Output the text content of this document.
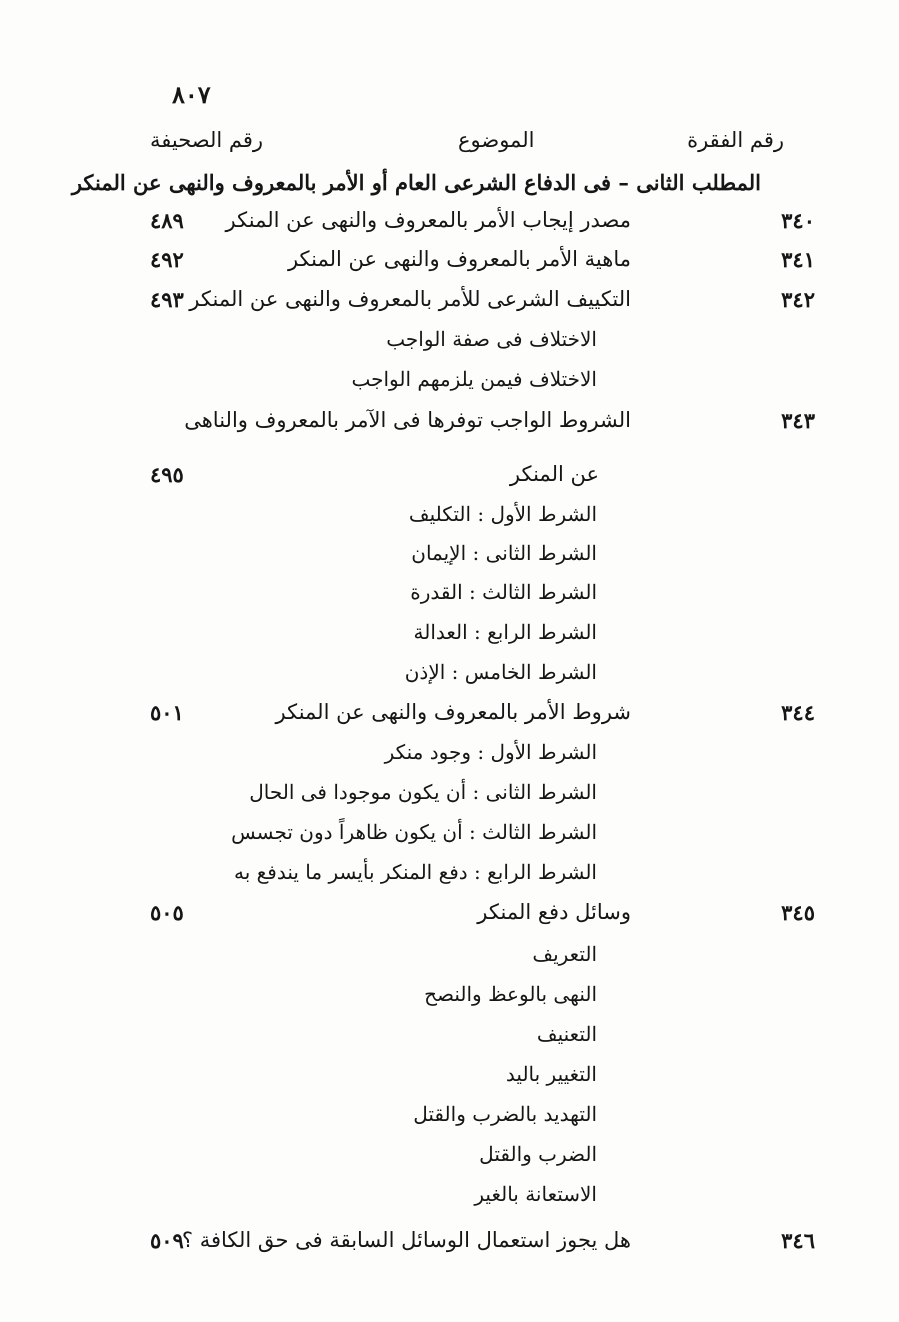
٨٠٧
رقم الفقرة
الموضوع
رقم الصحيفة
المطلب الثانى – فى الدفاع الشرعى العام أو الأمر بالمعروف والنهى عن المنكر
٣٤٠
مصدر إيجاب الأمر بالمعروف والنهى عن المنكر
٤٨٩
٣٤١
ماهية الأمر بالمعروف والنهى عن المنكر
٤٩٢
٣٤٢
التكييف الشرعى للأمر بالمعروف والنهى عن المنكر
٤٩٣
الاختلاف فى صفة الواجب
الاختلاف فيمن يلزمهم الواجب
٣٤٣
الشروط الواجب توفرها فى الآمر بالمعروف والناهى
عن المنكر
٤٩٥
الشرط الأول : التكليف
الشرط الثانى : الإيمان
الشرط الثالث : القدرة
الشرط الرابع : العدالة
الشرط الخامس : الإذن
٣٤٤
شروط الأمر بالمعروف والنهى عن المنكر
٥٠١
الشرط الأول : وجود منكر
الشرط الثانى : أن يكون موجودا فى الحال
الشرط الثالث : أن يكون ظاهراً دون تجسس
الشرط الرابع : دفع المنكر بأيسر ما يندفع به
٣٤٥
وسائل دفع المنكر
٥٠٥
التعريف
النهى بالوعظ والنصح
التعنيف
التغيير باليد
التهديد بالضرب والقتل
الضرب والقتل
الاستعانة بالغير
٣٤٦
هل يجوز استعمال الوسائل السابقة فى حق الكافة ؟
٥٠٩
